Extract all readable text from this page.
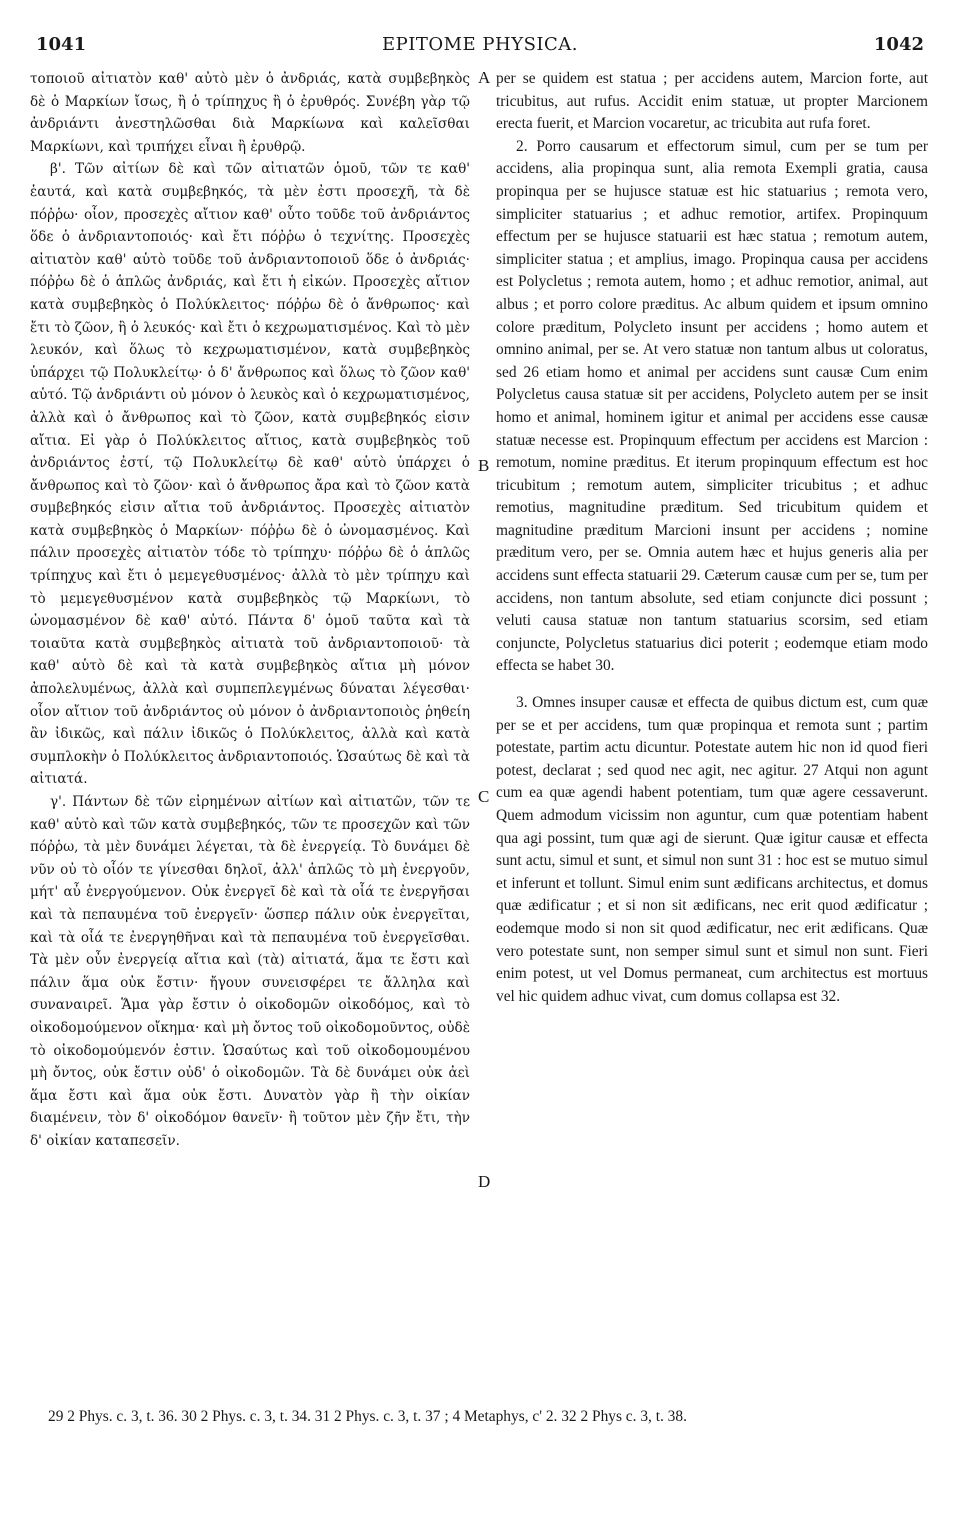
1041	EPITOME PHYSICA.	1042

τοποιοῦ αἰτιατὸν καθ' αὐτὸ μὲν ὁ ἀνδριάς, κατὰ συμβεβηκὸς δὲ ὁ Μαρκίων ἴσως, ἢ ὁ τρίπηχυς ἢ ὁ ἐρυθρός. Συνέβη γὰρ τῷ ἀνδριάντι ἀνεστηλῶσθαι διὰ Μαρκίωνα καὶ καλεῖσθαι Μαρκίωνι, καὶ τριπήχει εἶναι ἢ ἐρυθρῷ.

β'. Τῶν αἰτίων δὲ καὶ τῶν αἰτιατῶν ὁμοῦ, τῶν τε καθ' ἑαυτά, καὶ κατὰ συμβεβηκός, τὰ μὲν ἐστι προσεχῆ, τὰ δὲ πόῤῥω· οἷον, προσεχὲς αἴτιον καθ' οὗτο τοῦδε τοῦ ἀνδριάντος ὅδε ὁ ἀνδριαντοποιός· καὶ ἔτι πόῤῥω ὁ τεχνίτης. Προσεχὲς αἰτιατὸν καθ' αὑτὸ τοῦδε τοῦ ἀνδριαντοποιοῦ ὅδε ὁ ἀνδριάς· πόῤῥω δὲ ὁ ἁπλῶς ἀνδριάς, καὶ ἔτι ἡ εἰκών. Προσεχὲς αἴτιον κατὰ συμβεβηκὸς ὁ Πολύκλειτος· πόῤῥω δὲ ὁ ἄνθρωπος· καὶ ἔτι τὸ ζῶον, ἢ ὁ λευκός· καὶ ἔτι ὁ κεχρωματισμένος. Καὶ τὸ μὲν λευκόν, καὶ ὅλως τὸ κεχρωματισμένον, κατὰ συμβεβηκὸς ὑπάρχει τῷ Πολυκλείτῳ· ὁ δ' ἄνθρωπος καὶ ὅλως τὸ ζῶον καθ' αὑτό. Τῷ ἀνδριάντι οὐ μόνον ὁ λευκὸς καὶ ὁ κεχρωματισμένος, ἀλλὰ καὶ ὁ ἄνθρωπος καὶ τὸ ζῶον, κατὰ συμβεβηκός εἰσιν αἴτια. Εἰ γὰρ ὁ Πολύκλειτος αἴτιος, κατὰ συμβεβηκὸς τοῦ ἀνδριάντος ἐστί, τῷ Πολυκλείτῳ δὲ καθ' αὑτὸ ὑπάρχει ὁ ἄνθρωπος καὶ τὸ ζῶον· καὶ ὁ ἄνθρωπος ἄρα καὶ τὸ ζῶον κατὰ συμβεβηκός εἰσιν αἴτια τοῦ ἀνδριάντος. Προσεχὲς αἰτιατὸν κατὰ συμβεβηκὸς ὁ Μαρκίων· πόῤῥω δὲ ὁ ὠνομασμένος. Καὶ πάλιν προσεχὲς αἰτιατὸν τόδε τὸ τρίπηχυ· πόῤῥω δὲ ὁ ἁπλῶς τρίπηχυς καὶ ἔτι ὁ μεμεγεθυσμένος· ἀλλὰ τὸ μὲν τρίπηχυ καὶ τὸ μεμεγεθυσμένον κατὰ συμβεβηκὸς τῷ Μαρκίωνι, τὸ ὠνομασμένον δὲ καθ' αὑτό. Πάντα δ' ὁμοῦ ταῦτα καὶ τὰ τοιαῦτα κατὰ συμβεβηκὸς αἰτιατὰ τοῦ ἀνδριαντοποιοῦ· τὰ καθ' αὑτὸ δὲ καὶ τὰ κατὰ συμβεβηκὸς αἴτια μὴ μόνον ἀπολελυμένως, ἀλλὰ καὶ συμπεπλεγμένως δύναται λέγεσθαι· οἷον αἴτιον τοῦ ἀνδριάντος οὐ μόνον ὁ ἀνδριαντοποιὸς ῥηθείη ἂν ἰδικῶς, καὶ πάλιν ἰδικῶς ὁ Πολύκλειτος, ἀλλὰ καὶ κατὰ συμπλοκὴν ὁ Πολύκλειτος ἀνδριαντοποιός. Ὡσαύτως δὲ καὶ τὰ αἰτιατά.

γ'. Πάντων δὲ τῶν εἰρημένων αἰτίων καὶ αἰτιατῶν, τῶν τε καθ' αὑτὸ καὶ τῶν κατὰ συμβεβηκός, τῶν τε προσεχῶν καὶ τῶν πόῤῥω, τὰ μὲν δυνάμει λέγεται, τὰ δὲ ἐνεργείᾳ. Τὸ δυνάμει δὲ νῦν οὐ τὸ οἷόν τε γίνεσθαι δηλοῖ, ἀλλ' ἁπλῶς τὸ μὴ ἐνεργοῦν, μήτ' αὖ ἐνεργούμενον. Οὐκ ἐνεργεῖ δὲ καὶ τὰ οἷά τε ἐνεργῆσαι καὶ τὰ πεπαυμένα τοῦ ἐνεργεῖν· ὥσπερ πάλιν οὐκ ἐνεργεῖται, καὶ τὰ οἷά τε ἐνεργηθῆναι καὶ τὰ πεπαυμένα τοῦ ἐνεργεῖσθαι. Τὰ μὲν οὖν ἐνεργείᾳ αἴτια καὶ (τὰ) αἰτιατά, ἅμα τε ἔστι καὶ πάλιν ἅμα οὐκ ἔστιν· ἤγουν συνεισφέρει τε ἄλληλα καὶ συναναιρεῖ. Ἅμα γὰρ ἔστιν ὁ οἰκοδομῶν οἰκοδόμος, καὶ τὸ οἰκοδομούμενον οἴκημα· καὶ μὴ ὄντος τοῦ οἰκοδομοῦντος, οὐδὲ τὸ οἰκοδομούμενόν ἐστιν. Ὡσαύτως καὶ τοῦ οἰκοδομουμένου μὴ ὄντος, οὐκ ἔστιν οὐδ' ὁ οἰκοδομῶν. Τὰ δὲ δυνάμει οὐκ ἀεὶ ἅμα ἔστι καὶ ἅμα οὐκ ἔστι. Δυνατὸν γὰρ ἢ τὴν οἰκίαν διαμένειν, τὸν δ' οἰκοδόμον θανεῖν· ἢ τοῦτον μὲν ζῆν ἔτι, τὴν δ' οἰκίαν καταπεσεῖν.

A
B
C
D

per se quidem est statua ; per accidens autem, Marcion forte, aut tricubitus, aut rufus. Accidit enim statuæ, ut propter Marcionem erecta fuerit, et Marcion vocaretur, ac tricubita aut rufa foret.

2. Porro causarum et effectorum simul, cum per se tum per accidens, alia propinqua sunt, alia remota Exempli gratia, causa propinqua per se hujusce statuæ est hic statuarius ; remota vero, simpliciter statuarius ; et adhuc remotior, artifex. Propinquum effectum per se hujusce statuarii est hæc statua ; remotum autem, simpliciter statua ; et amplius, imago. Propinqua causa per accidens est Polycletus ; remota autem, homo ; et adhuc remotior, animal, aut albus ; et porro colore præditus. Ac album quidem et ipsum omnino colore præditum, Polycleto insunt per accidens ; homo autem et omnino animal, per se. At vero statuæ non tantum albus ut coloratus, sed 26 etiam homo et animal per accidens sunt causæ Cum enim Polycletus causa statuæ sit per accidens, Polycleto autem per se insit homo et animal, hominem igitur et animal per accidens esse causæ statuæ necesse est. Propinquum effectum per accidens est Marcion : remotum, nomine præditus. Et iterum propinquum effectum est hoc tricubitum ; remotum autem, simpliciter tricubitus ; et adhuc remotius, magnitudine præditum. Sed tricubitum quidem et magnitudine præditum Marcioni insunt per accidens ; nomine præditum vero, per se. Omnia autem hæc et hujus generis alia per accidens sunt effecta statuarii 29. Cæterum causæ cum per se, tum per accidens, non tantum absolute, sed etiam conjuncte dici possunt ; veluti causa statuæ non tantum statuarius scorsim, sed etiam conjuncte, Polycletus statuarius dici poterit ; eodemque etiam modo effecta se habet 30.

3. Omnes insuper causæ et effecta de quibus dictum est, cum quæ per se et per accidens, tum quæ propinqua et remota sunt ; partim potestate, partim actu dicuntur. Potestate autem hic non id quod fieri potest, declarat ; sed quod nec agit, nec agitur. 27 Atqui non agunt cum ea quæ agendi habent potentiam, tum quæ agere cessaverunt. Quem admodum vicissim non aguntur, cum quæ potentiam habent qua agi possint, tum quæ agi de sierunt. Quæ igitur causæ et effecta sunt actu, simul et sunt, et simul non sunt 31 : hoc est se mutuo simul et inferunt et tollunt. Simul enim sunt ædificans architectus, et domus quæ ædificatur ; et si non sit ædificans, nec erit quod ædificatur ; eodemque modo si non sit quod ædificatur, nec erit ædificans. Quæ vero potestate sunt, non semper simul sunt et simul non sunt. Fieri enim potest, ut vel Domus permaneat, cum architectus est mortuus vel hic quidem adhuc vivat, cum domus collapsa est 32.

29 2 Phys. c. 3, t. 36. 30 2 Phys. c. 3, t. 34. 31 2 Phys. c. 3, t. 37 ; 4 Metaphys, c' 2. 32 2 Phys c. 3, t. 38.
